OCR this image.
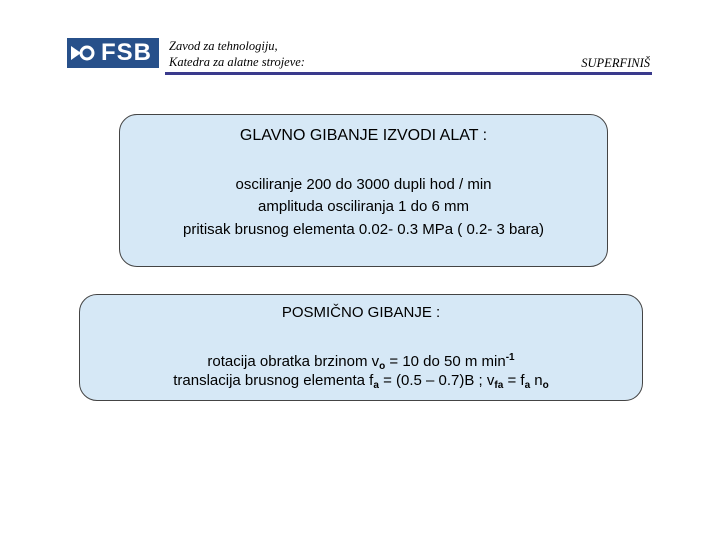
FSB	Zavod za tehnologiju,
Katedra za alatne strojeve:	SUPERFINIŠ
GLAVNO GIBANJE IZVODI ALAT :
osciliranje 200 do 3000 dupli hod / min
amplituda osciliranja 1 do 6 mm
pritisak brusnog elementa 0.02- 0.3 MPa ( 0.2- 3 bara)
POSMIČNO GIBANJE :
rotacija obratka brzinom $v_o = 10$ do 50 m $\min^{-1}$
translacija brusnog elementa $f_a = (0.5 - 0.7)B$ ; $v_{fa} = f_a$ $n_o$
